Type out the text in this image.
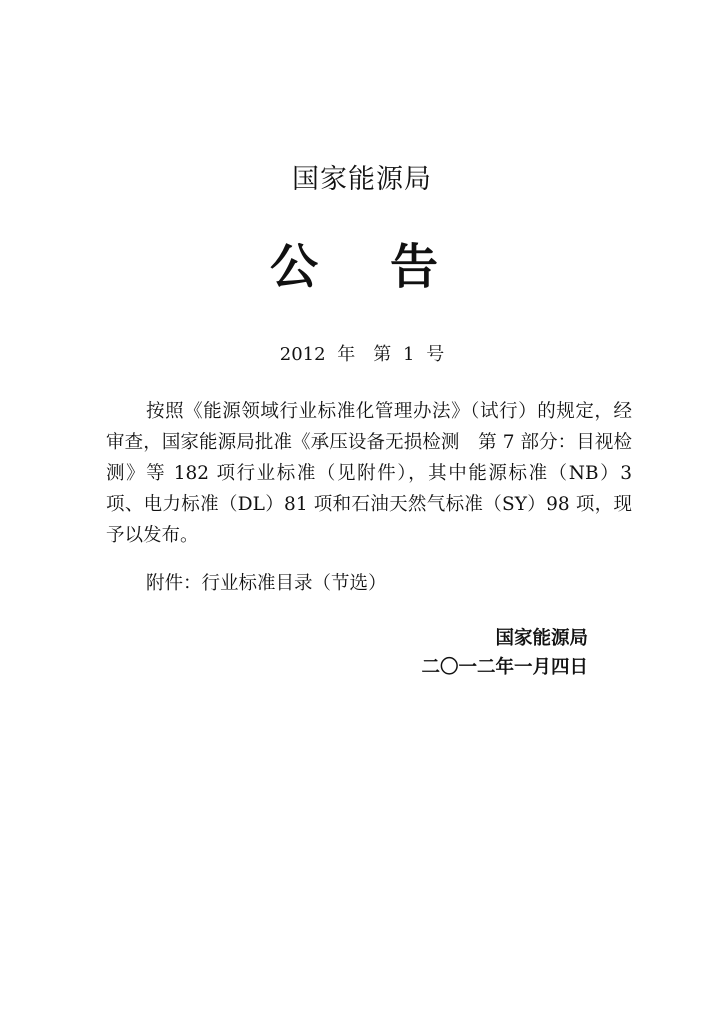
国家能源局
公 告
2012 年　第 1 号

按照《能源领域行业标准化管理办法》（试行）的规定，经审查，国家能源局批准《承压设备无损检测　第 7 部分：目视检测》等 182 项行业标准（见附件），其中能源标准（NB）3 项、电力标准（DL）81 项和石油天然气标准（SY）98 项，现予以发布。

附件：行业标准目录（节选）
国家能源局
二〇一二年一月四日
